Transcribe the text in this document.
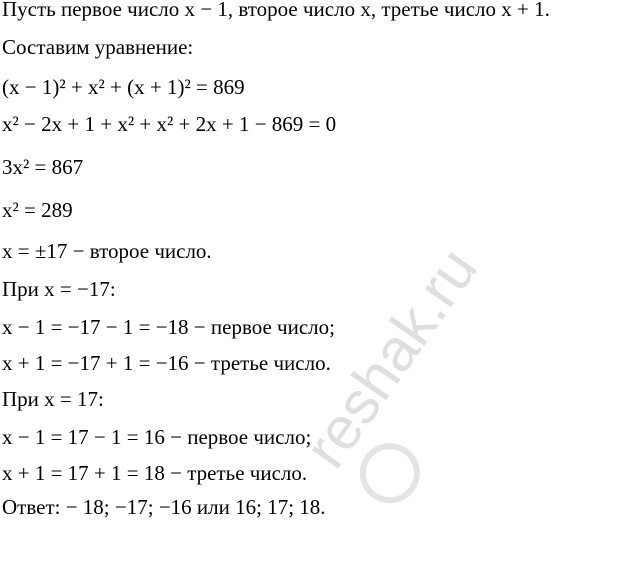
Пусть первое число x − 1, второе число x, третье число x + 1.
Составим уравнение:
(x − 1)² + x² + (x + 1)² = 869
x² − 2x + 1 + x² + x² + 2x + 1 − 869 = 0
3x² = 867
x² = 289
x = ±17 − второе число.
При x = −17:
x − 1 = −17 − 1 = −18 − первое число;
x + 1 = −17 + 1 = −16 − третье число.
При x = 17:
x − 1 = 17 − 1 = 16 − первое число;
x + 1 = 17 + 1 = 18 − третье число.
Ответ: − 18; −17; −16 или 16; 17; 18.
reshak.ru
